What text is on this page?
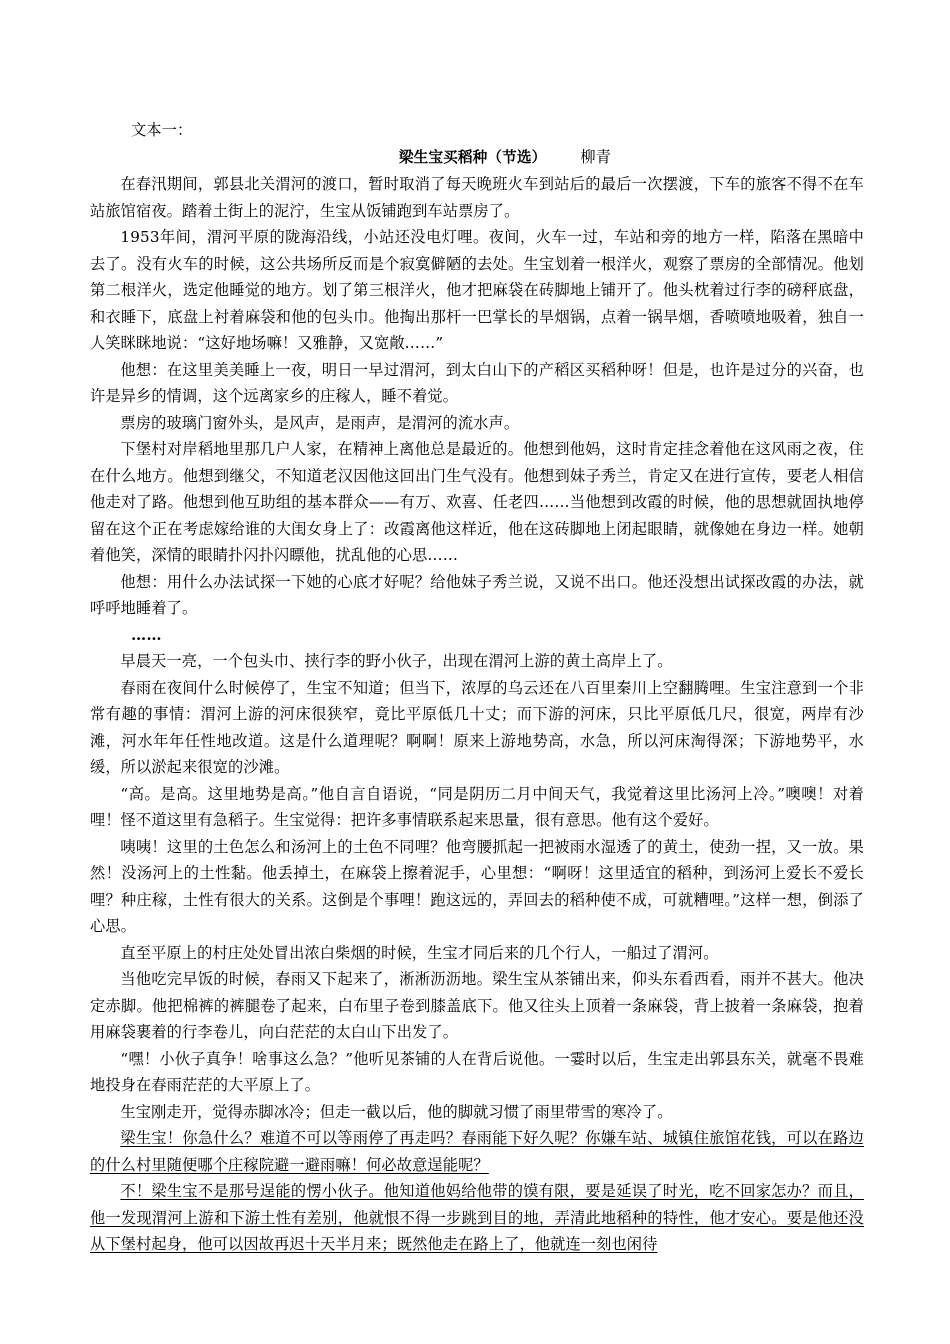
文本一：

梁生宝买稻种（节选） 柳青

在春汛期间，郭县北关渭河的渡口，暂时取消了每天晚班火车到站后的最后一次摆渡，下车的旅客不得不在车站旅馆宿夜。踏着土街上的泥泞，生宝从饭铺跑到车站票房了。

1953年间，渭河平原的陇海沿线，小站还没电灯哩。夜间，火车一过，车站和旁的地方一样，陷落在黑暗中去了。没有火车的时候，这公共场所反而是个寂寞僻陋的去处。生宝划着一根洋火，观察了票房的全部情况。他划第二根洋火，选定他睡觉的地方。划了第三根洋火，他才把麻袋在砖脚地上铺开了。他头枕着过行李的磅秤底盘，和衣睡下，底盘上衬着麻袋和他的包头巾。他掏出那杆一巴掌长的旱烟锅，点着一锅旱烟，香喷喷地吸着，独自一人笑眯眯地说：“这好地场嘛！又雅静，又宽敞……”

他想：在这里美美睡上一夜，明日一早过渭河，到太白山下的产稻区买稻种呀！但是，也许是过分的兴奋，也许是异乡的情调，这个远离家乡的庄稼人，睡不着觉。

票房的玻璃门窗外头，是风声，是雨声，是渭河的流水声。

下堡村对岸稻地里那几户人家，在精神上离他总是最近的。他想到他妈，这时肯定挂念着他在这风雨之夜，住在什么地方。他想到继父，不知道老汉因他这回出门生气没有。他想到妹子秀兰，肯定又在进行宣传，要老人相信他走对了路。他想到他互助组的基本群众——有万、欢喜、任老四……当他想到改霞的时候，他的思想就固执地停留在这个正在考虑嫁给谁的大闺女身上了：改霞离他这样近，他在这砖脚地上闭起眼睛，就像她在身边一样。她朝着他笑，深情的眼睛扑闪扑闪瞟他，扰乱他的心思……

他想：用什么办法试探一下她的心底才好呢？给他妹子秀兰说，又说不出口。他还没想出试探改霞的办法，就呼呼地睡着了。

……

早晨天一亮，一个包头巾、挟行李的野小伙子，出现在渭河上游的黄土高岸上了。

春雨在夜间什么时候停了，生宝不知道；但当下，浓厚的乌云还在八百里秦川上空翻腾哩。生宝注意到一个非常有趣的事情：渭河上游的河床很狭窄，竟比平原低几十丈；而下游的河床，只比平原低几尺，很宽，两岸有沙滩，河水年年任性地改道。这是什么道理呢？啊啊！原来上游地势高，水急，所以河床淘得深；下游地势平，水缓，所以淤起来很宽的沙滩。

“高。是高。这里地势是高。”他自言自语说，“同是阴历二月中间天气，我觉着这里比汤河上冷。”噢噢！对着哩！怪不道这里有急稻子。生宝觉得：把许多事情联系起来思量，很有意思。他有这个爱好。

咦咦！这里的土色怎么和汤河上的土色不同哩？他弯腰抓起一把被雨水湿透了的黄土，使劲一捏，又一放。果然！没汤河上的土性黏。他丢掉土，在麻袋上擦着泥手，心里想：“啊呀！这里适宜的稻种，到汤河上爱长不爱长哩？种庄稼，土性有很大的关系。这倒是个事哩！跑这远的，弄回去的稻种使不成，可就糟哩。”这样一想，倒添了心思。

直至平原上的村庄处处冒出浓白柴烟的时候，生宝才同后来的几个行人，一船过了渭河。

当他吃完早饭的时候，春雨又下起来了，淅淅沥沥地。梁生宝从茶铺出来，仰头东看西看，雨并不甚大。他决定赤脚。他把棉裤的裤腿卷了起来，白布里子卷到膝盖底下。他又往头上顶着一条麻袋，背上披着一条麻袋，抱着用麻袋裹着的行李卷儿，向白茫茫的太白山下出发了。

“嘿！小伙子真争！啥事这么急？”他听见茶铺的人在背后说他。一霎时以后，生宝走出郭县东关，就毫不畏难地投身在春雨茫茫的大平原上了。

生宝刚走开，觉得赤脚冰冷；但走一截以后，他的脚就习惯了雨里带雪的寒冷了。

梁生宝！你急什么？难道不可以等雨停了再走吗？春雨能下好久呢？你嫌车站、城镇住旅馆花钱，可以在路边的什么村里随便哪个庄稼院避一避雨嘛！何必故意逞能呢？

不！梁生宝不是那号逞能的愣小伙子。他知道他妈给他带的馍有限，要是延误了时光，吃不回家怎办？而且，他一发现渭河上游和下游土性有差别，他就恨不得一步跳到目的地，弄清此地稻种的特性，他才安心。要是他还没从下堡村起身，他可以因故再迟十天半月来；既然他走在路上了，他就连一刻也闲待
